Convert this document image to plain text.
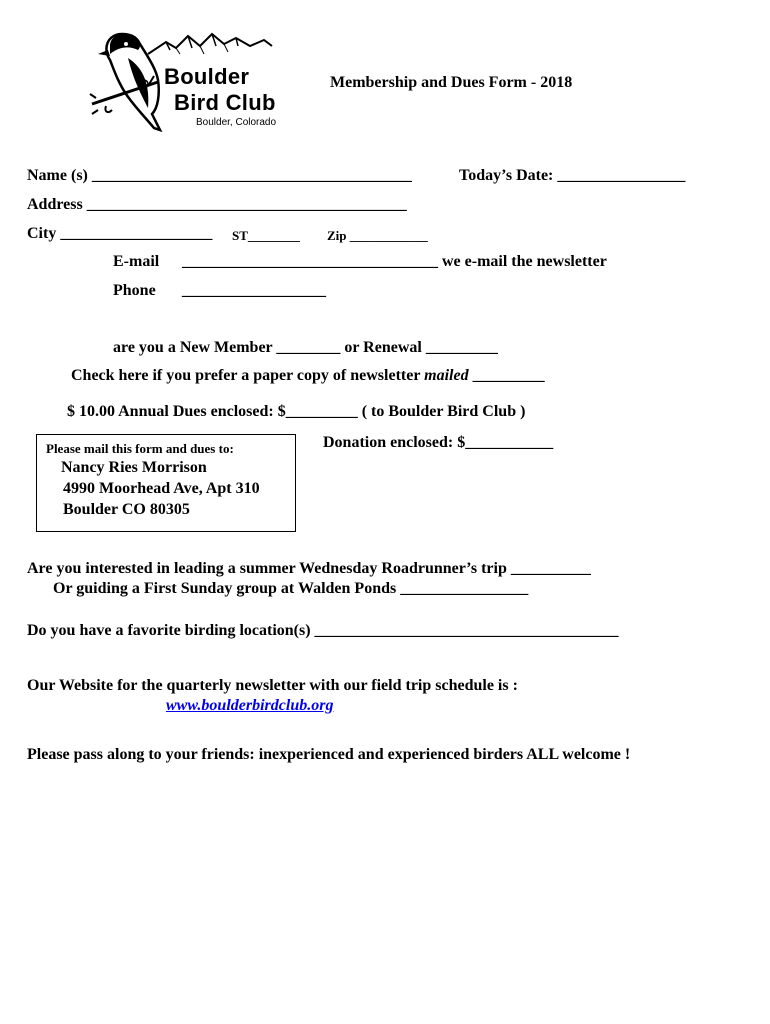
Boulder
Bird Club
Boulder, Colorado
Membership and Dues Form - 2018
Name (s) ________________________________________	Today’s Date: ________________
Address ________________________________________
City ___________________ ST________ Zip ____________
E-mail ________________________________ we e-mail the newsletter
Phone __________________
are you a New Member ________ or Renewal _________
Check here if you prefer a paper copy of newsletter mailed _________
$ 10.00 Annual Dues enclosed: $_________ ( to Boulder Bird Club )
Please mail this form and dues to:
Nancy Ries Morrison
4990 Moorhead Ave, Apt 310
Boulder CO 80305
Donation enclosed: $___________
Are you interested in leading a summer Wednesday Roadrunner’s trip __________
Or guiding a First Sunday group at Walden Ponds ________________
Do you have a favorite birding location(s) ______________________________________
Our Website for the quarterly newsletter with our field trip schedule is :
www.boulderbirdclub.org
Please pass along to your friends: inexperienced and experienced birders ALL welcome !
